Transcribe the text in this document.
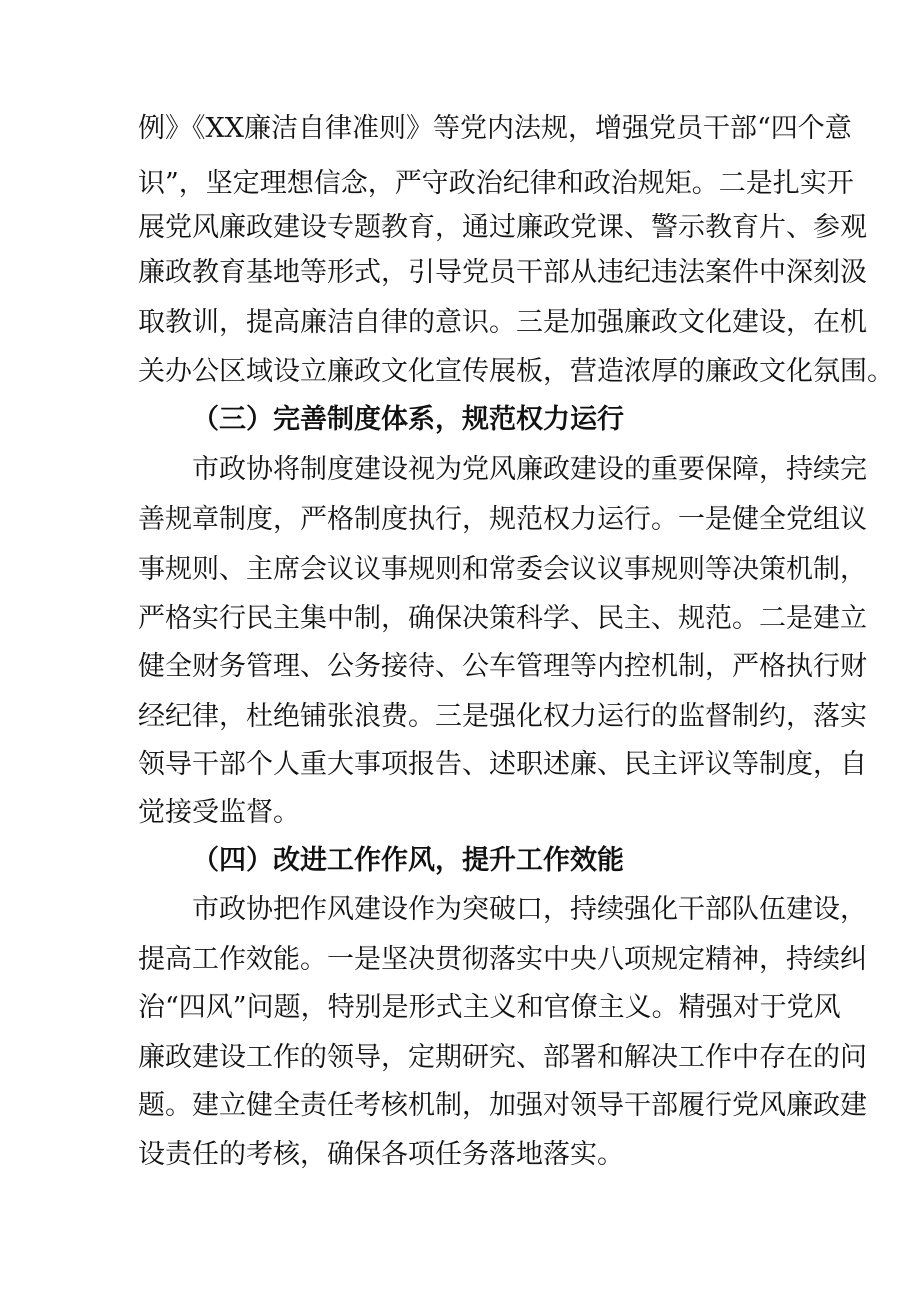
例》《XX廉洁自律准则》等党内法规，增强党员干部“四个意
识”，坚定理想信念，严守政治纪律和政治规矩。二是扎实开
展党风廉政建设专题教育，通过廉政党课、警示教育片、参观
廉政教育基地等形式，引导党员干部从违纪违法案件中深刻汲
取教训，提高廉洁自律的意识。三是加强廉政文化建设，在机
关办公区域设立廉政文化宣传展板，营造浓厚的廉政文化氛围。
（三）完善制度体系，规范权力运行
市政协将制度建设视为党风廉政建设的重要保障，持续完
善规章制度，严格制度执行，规范权力运行。一是健全党组议
事规则、主席会议议事规则和常委会议议事规则等决策机制，
严格实行民主集中制，确保决策科学、民主、规范。二是建立
健全财务管理、公务接待、公车管理等内控机制，严格执行财
经纪律，杜绝铺张浪费。三是强化权力运行的监督制约，落实
领导干部个人重大事项报告、述职述廉、民主评议等制度，自
觉接受监督。
（四）改进工作作风，提升工作效能
市政协把作风建设作为突破口，持续强化干部队伍建设，
提高工作效能。一是坚决贯彻落实中央八项规定精神，持续纠
治“四风”问题，特别是形式主义和官僚主义。精强对于党风
廉政建设工作的领导，定期研究、部署和解决工作中存在的问
题。建立健全责任考核机制，加强对领导干部履行党风廉政建
设责任的考核，确保各项任务落地落实。
